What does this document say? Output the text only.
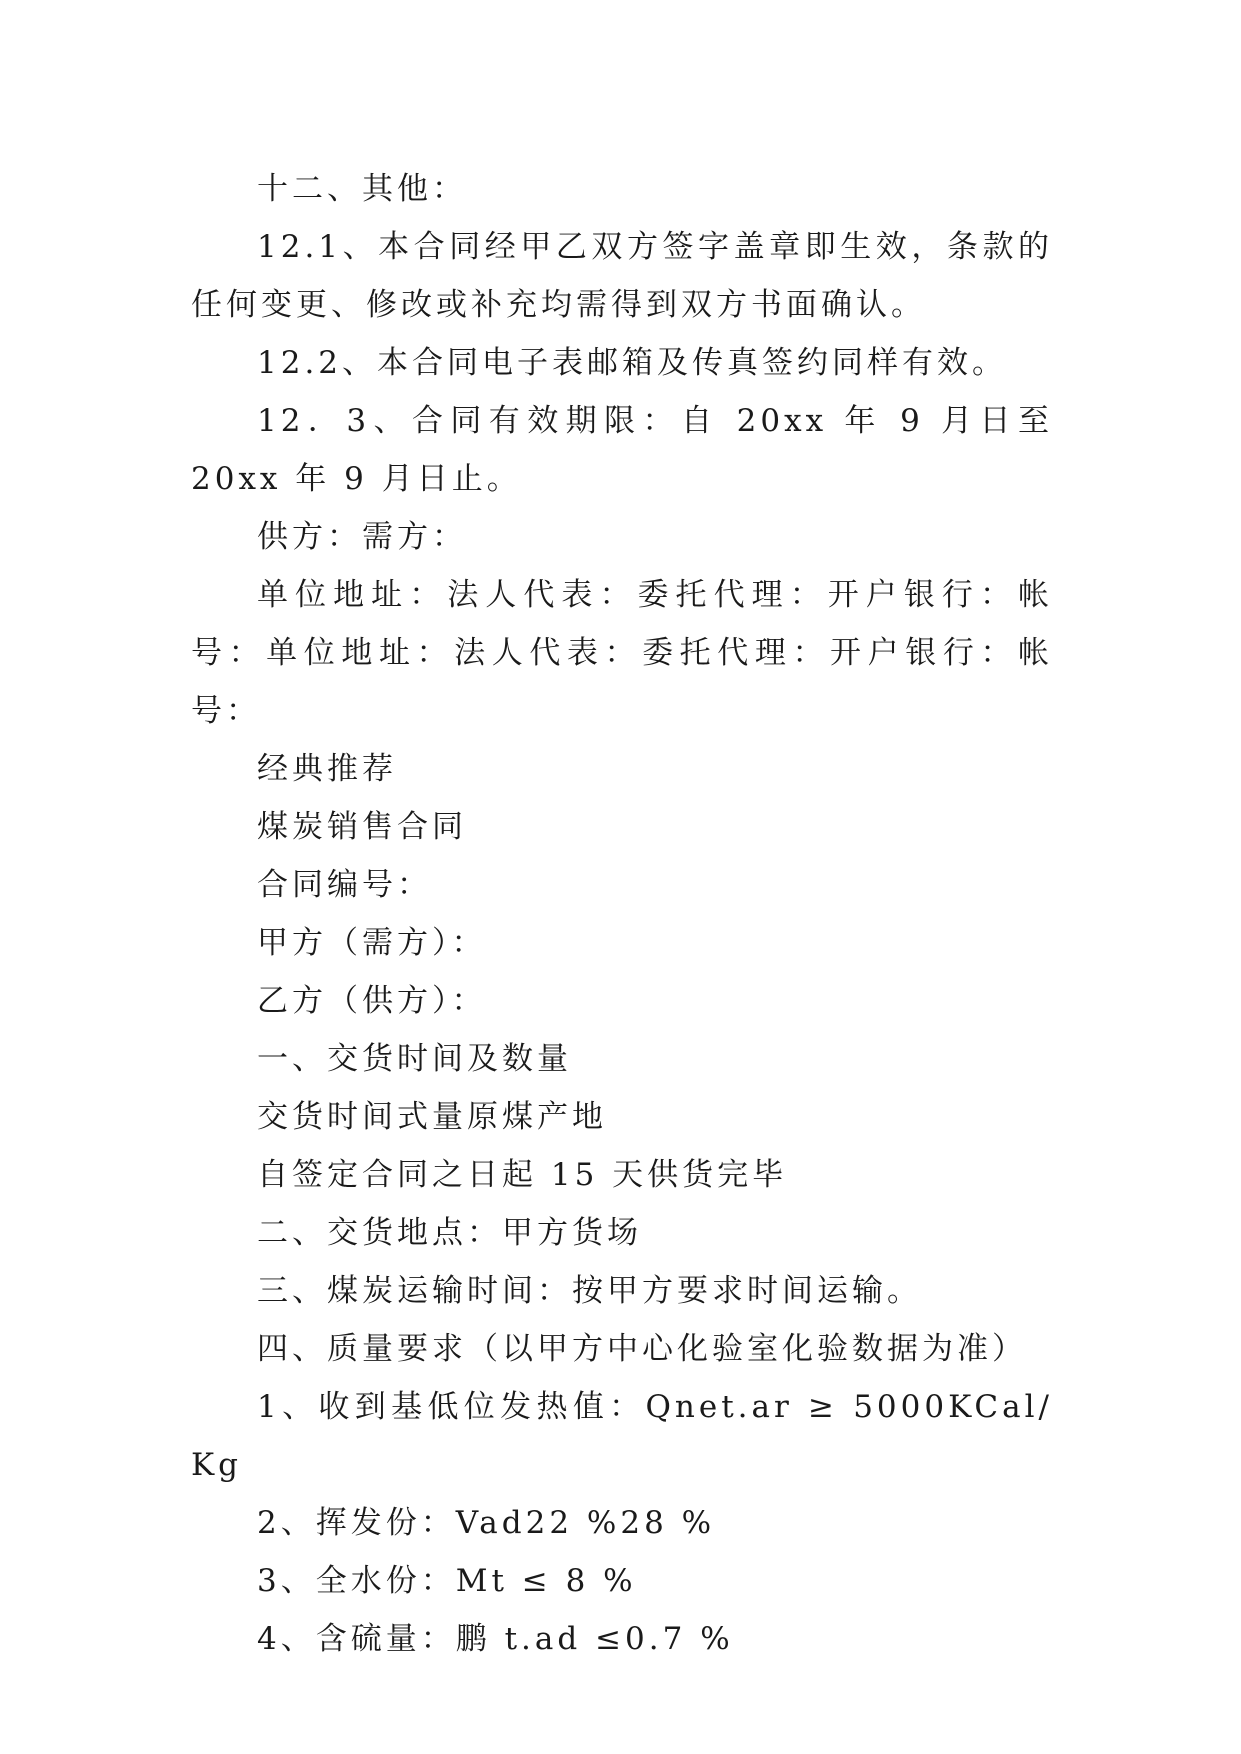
十二、其他：

12.1、本合同经甲乙双方签字盖章即生效，条款的任何变更、修改或补充均需得到双方书面确认。

12.2、本合同电子表邮箱及传真签约同样有效。

12．3、合同有效期限：自 20xx 年 9 月日至 20xx 年 9 月日止。

供方：需方：

单位地址：法人代表：委托代理：开户银行：帐号：单位地址：法人代表：委托代理：开户银行：帐号：

经典推荐

煤炭销售合同

合同编号：

甲方（需方）：

乙方（供方）：

一、交货时间及数量

交货时间式量原煤产地

自签定合同之日起 15 天供货完毕

二、交货地点：甲方货场

三、煤炭运输时间：按甲方要求时间运输。

四、质量要求（以甲方中心化验室化验数据为准）

1、收到基低位发热值：Qnet.ar ≥ 5000KCal/ Kg

2、挥发份：Vad22 %28 %

3、全水份：Mt ≤ 8 %

4、含硫量：鹏 t.ad ≤0.7 %
